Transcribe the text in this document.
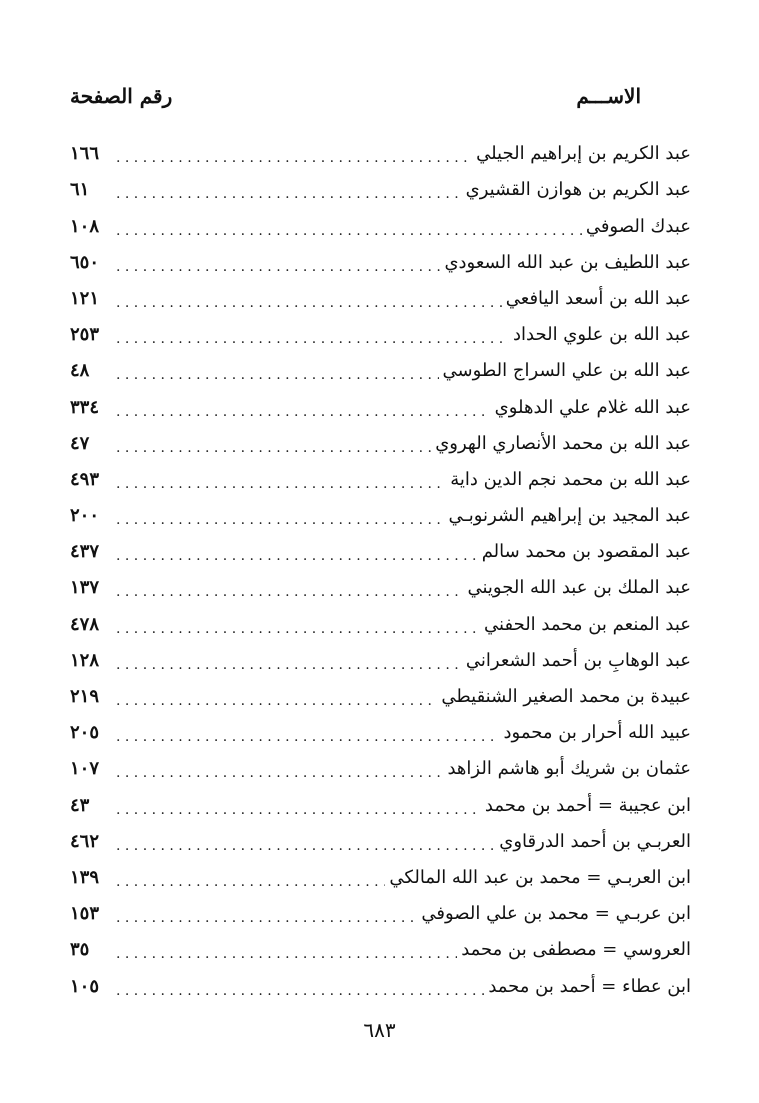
الاســـم
رقم الصفحة
عبد الكريم بن إبراهيم الجيلي
. . .
١٦٦
عبد الكريم بن هوازن القشيري
. . .
٦١
عبدك الصوفي
. . .
١٠٨
عبد اللطيف بن عبد الله السعودي
. . .
٦٥٠
عبد الله بن أسعد اليافعي
. . .
١٢١
عبد الله بن علوي الحداد
. . .
٢٥٣
عبد الله بن علي السراج الطوسي
. . .
٤٨
عبد الله غلام علي الدهلوي
. . .
٣٣٤
عبد الله بن محمد الأنصاري الهروي
. . .
٤٧
عبد الله بن محمد نجم الدين داية
. . .
٤٩٣
عبد المجيد بن إبراهيم الشرنوبـي
. . .
٢٠٠
عبد المقصود بن محمد سالم
. . .
٤٣٧
عبد الملك بن عبد الله الجويني
. . .
١٣٧
عبد المنعم بن محمد الحفني
. . .
٤٧٨
عبد الوهابِ بن أحمد الشعراني
. . .
١٢٨
عبيدة بن محمد الصغير الشنقيطي
. . .
٢١٩
عبيد الله أحرار بن محمود
. . .
٢٠٥
عثمان بن شريك أبو هاشم الزاهد
. . .
١٠٧
ابن عجيبة = أحمد بن محمد
. . .
٤٣
العربـي بن أحمد الدرقاوي
. . .
٤٦٢
ابن العربـي = محمد بن عبد الله المالكي
. . .
١٣٩
ابن عربـي = محمد بن علي الصوفي
. . .
١٥٣
العروسي = مصطفى بن محمد
. . .
٣٥
ابن عطاء = أحمد بن محمد
. . .
١٠٥
٦٨٣
